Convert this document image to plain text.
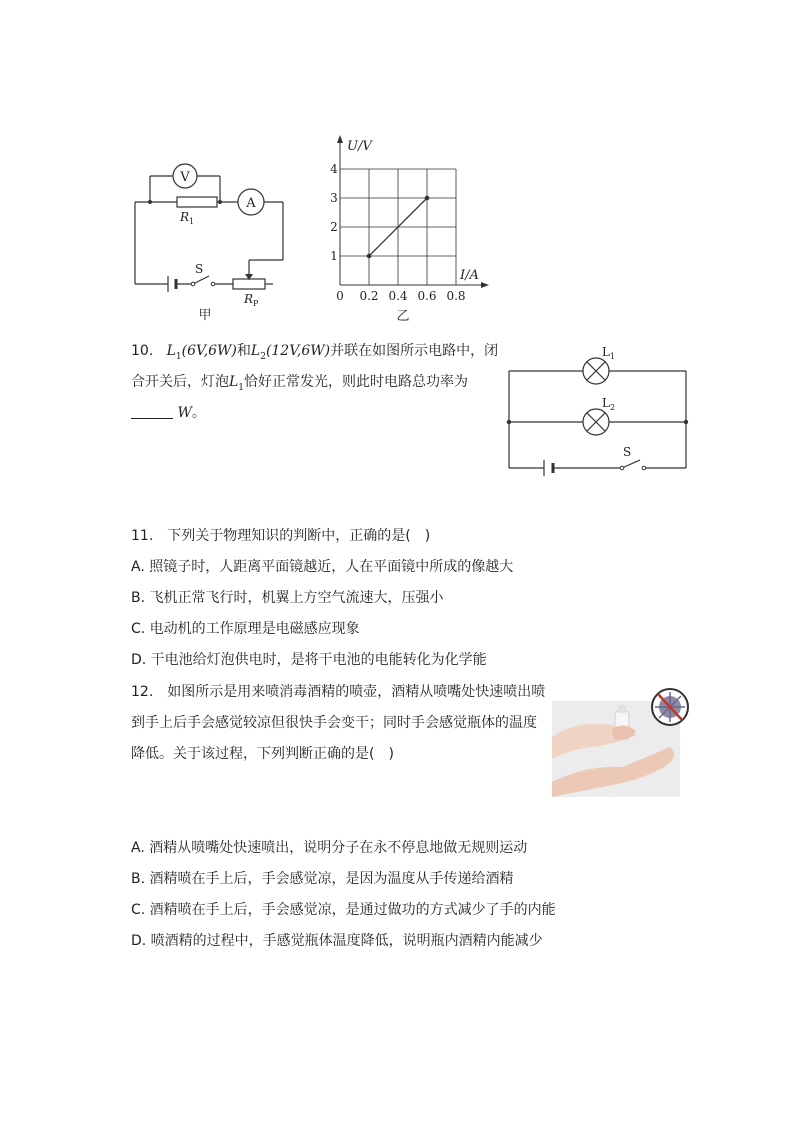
V
R 1
A
S
R P
甲
0 0.2 0.4 0.6 0.8
1
2
3
4
U/V
I/A
乙
10. $L_1(6V,6W)$和$L_2(12V,6W)$并联在如图所示电路中，闭
合开关后，灯泡$L_1$恰好正常发光，则此时电路总功率为
W。
L 1
L 2
S
11.　下列关于物理知识的判断中，正确的是(　)
A. 照镜子时，人距离平面镜越近，人在平面镜中所成的像越大
B. 飞机正常飞行时，机翼上方空气流速大，压强小
C. 电动机的工作原理是电磁感应现象
D. 干电池给灯泡供电时，是将干电池的电能转化为化学能
12.　如图所示是用来喷消毒酒精的喷壶，酒精从喷嘴处快速喷出喷
到手上后手会感觉较凉但很快手会变干；同时手会感觉瓶体的温度
降低。关于该过程，下列判断正确的是(　)
A. 酒精从喷嘴处快速喷出，说明分子在永不停息地做无规则运动
B. 酒精喷在手上后，手会感觉凉，是因为温度从手传递给酒精
C. 酒精喷在手上后，手会感觉凉，是通过做功的方式减少了手的内能
D. 喷酒精的过程中，手感觉瓶体温度降低，说明瓶内酒精内能减少
